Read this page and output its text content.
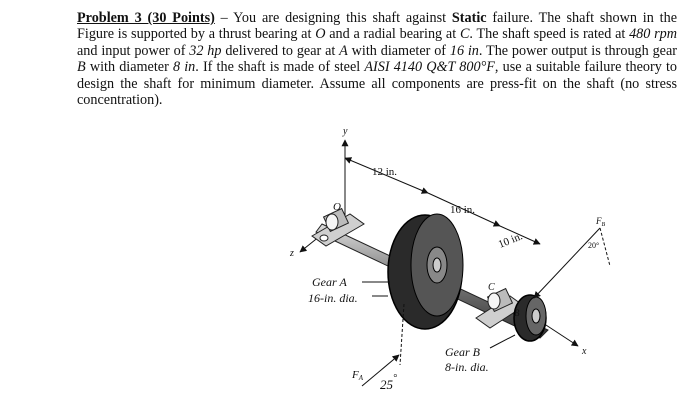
Problem 3 (30 Points) – You are designing this shaft against Static failure. The shaft shown in the Figure is supported by a thrust bearing at O and a radial bearing at C. The shaft speed is rated at 480 rpm and input power of 32 hp delivered to gear at A with diameter of 16 in. The power output is through gear B with diameter 8 in. If the shaft is made of steel AISI 4140 Q&T 800°F, use a suitable failure theory to design the shaft for minimum diameter. Assume all components are press-fit on the shaft (no stress concentration).
y
z
x
12 in.
16 in.
10 in.
O
C
B
$F_B$
20°
FA 25°
Gear A
16-in. dia.
Gear B
8-in. dia.
